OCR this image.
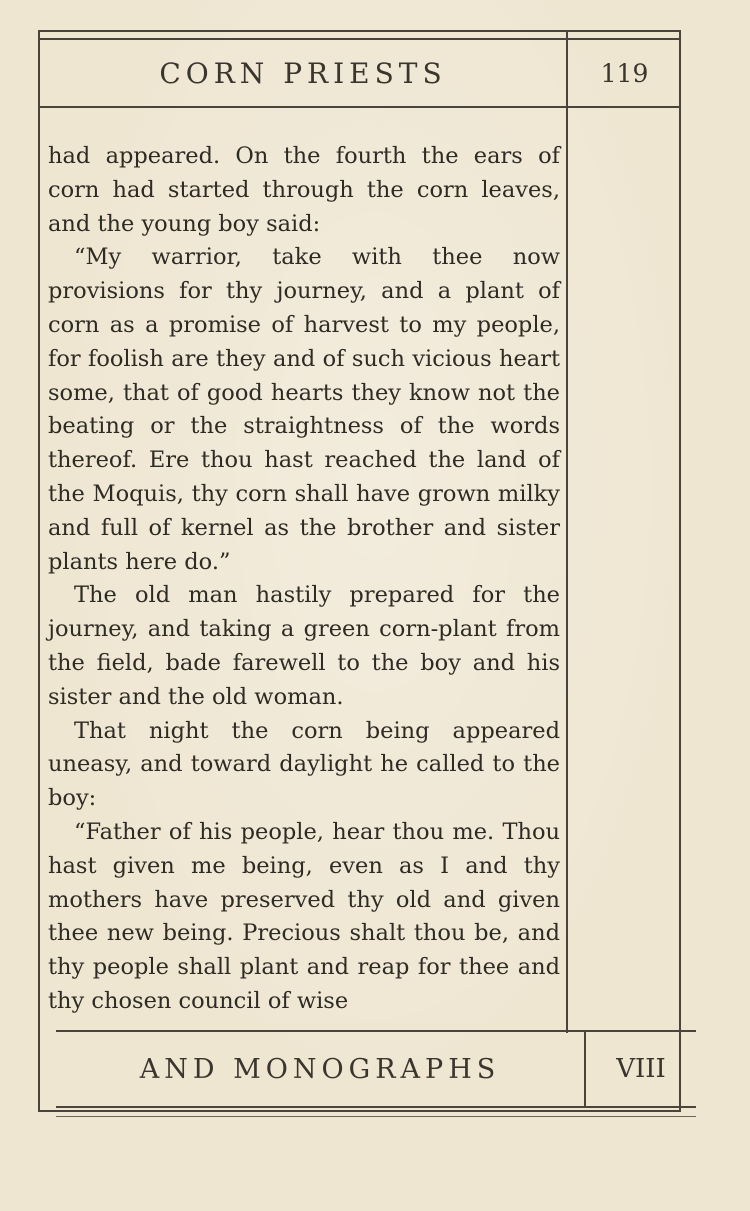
CORN PRIESTS	119

had appeared. On the fourth the ears of corn had started through the corn leaves, and the young boy said:

“My warrior, take with thee now provisions for thy journey, and a plant of corn as a promise of harvest to my people, for foolish are they and of such vicious heart some, that of good hearts they know not the beating or the straightness of the words thereof. Ere thou hast reached the land of the Moquis, thy corn shall have grown milky and full of kernel as the brother and sister plants here do.”

The old man hastily prepared for the journey, and taking a green corn-plant from the field, bade farewell to the boy and his sister and the old woman.

That night the corn being appeared uneasy, and toward daylight he called to the boy:

“Father of his people, hear thou me. Thou hast given me being, even as I and thy mothers have preserved thy old and given thee new being. Precious shalt thou be, and thy people shall plant and reap for thee and thy chosen council of wise

AND MONOGRAPHS	VIII
